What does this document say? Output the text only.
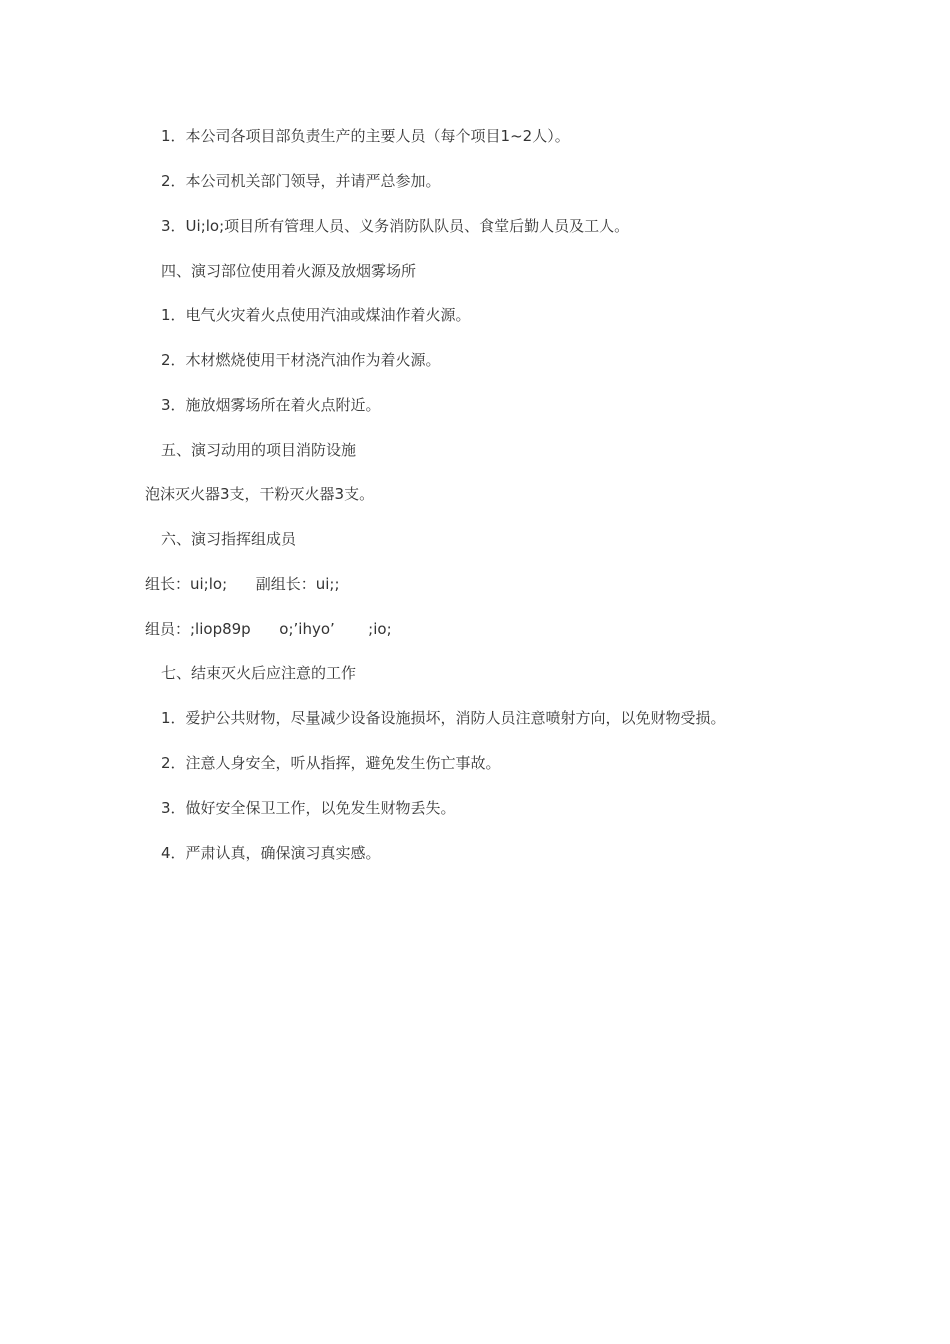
1．本公司各项目部负责生产的主要人员（每个项目1~2人）。
2．本公司机关部门领导，并请严总参加。
3．Ui;lo;项目所有管理人员、义务消防队队员、食堂后勤人员及工人。
四、演习部位使用着火源及放烟雾场所
1．电气火灾着火点使用汽油或煤油作着火源。
2．木材燃烧使用干材浇汽油作为着火源。
3．施放烟雾场所在着火点附近。
五、演习动用的项目消防设施
泡沫灭火器3支，干粉灭火器3支。
六、演习指挥组成员
组长：ui;lo;      副组长：ui;;
组员：;liop89p      o;’ihyo’       ;io;
七、结束灭火后应注意的工作
1．爱护公共财物，尽量减少设备设施损坏，消防人员注意喷射方向，以免财物受损。
2．注意人身安全，听从指挥，避免发生伤亡事故。
3．做好安全保卫工作，以免发生财物丢失。
4．严肃认真，确保演习真实感。
